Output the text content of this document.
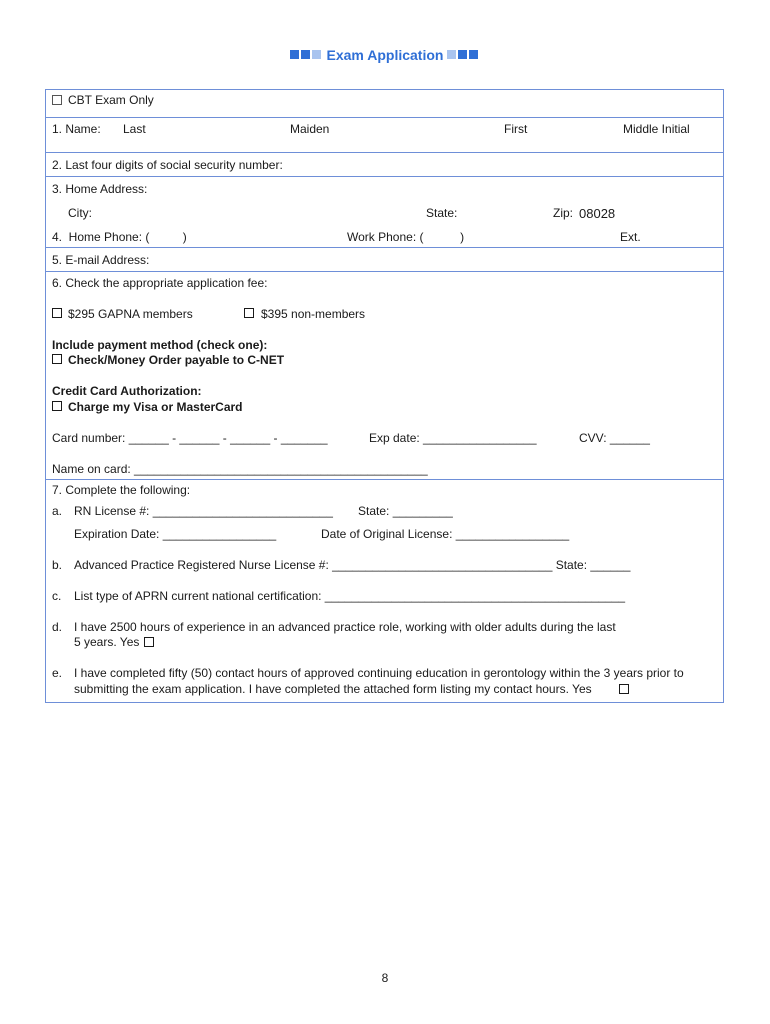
Exam Application
CBT Exam Only
1. Name: Last	Maiden	First	Middle Initial
2. Last four digits of social security number:
3. Home Address:
City:	State:	Zip: 08028
4.  Home Phone: (          )	Work Phone: (           )	Ext.
5. E-mail Address:
6. Check the appropriate application fee:
$295 GAPNA members	$395 non-members
Include payment method (check one):
Check/Money Order payable to C-NET
Credit Card Authorization:
Charge my Visa or MasterCard
Card number: ______ - ______ - ______ - _______	Exp date: _________________	CVV: ______
Name on card: ____________________________________________
7. Complete the following:
a. RN License #: ___________________________ State: _________
Expiration Date: _________________	Date of Original License: _________________
b. Advanced Practice Registered Nurse License #: _________________________________ State: ______
c. List type of APRN current national certification: _____________________________________________
d. I have 2500 hours of experience in an advanced practice role, working with older adults during the last
5 years. Yes
e. I have completed fifty (50) contact hours of approved continuing education in gerontology within the 3 years prior to
submitting the exam application. I have completed the attached form listing my contact hours. Yes
8
